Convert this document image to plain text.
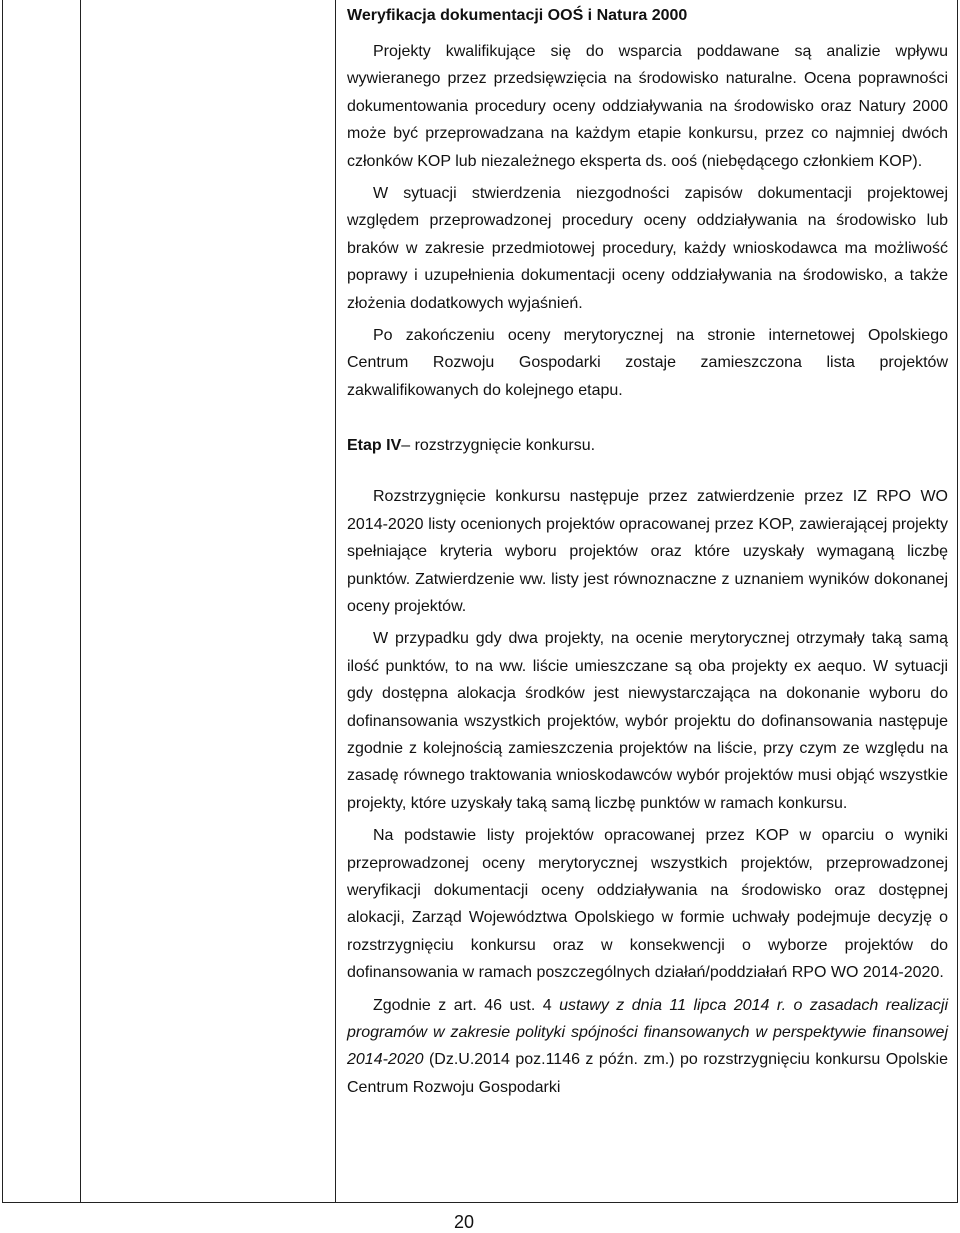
Weryfikacja dokumentacji OOŚ i Natura 2000

Projekty kwalifikujące się do wsparcia poddawane są analizie wpływu wywieranego przez przedsięwzięcia na środowisko naturalne. Ocena poprawności dokumentowania procedury oceny oddziaływania na środowisko oraz Natury 2000 może być przeprowadzana na każdym etapie konkursu, przez co najmniej dwóch członków KOP lub niezależnego eksperta ds. ooś (niebędącego członkiem KOP).

W sytuacji stwierdzenia niezgodności zapisów dokumentacji projektowej względem przeprowadzonej procedury oceny oddziaływania na środowisko lub braków w zakresie przedmiotowej procedury, każdy wnioskodawca ma możliwość poprawy i uzupełnienia dokumentacji oceny oddziaływania na środowisko, a także złożenia dodatkowych wyjaśnień.

Po zakończeniu oceny merytorycznej na stronie internetowej Opolskiego Centrum Rozwoju Gospodarki zostaje zamieszczona lista projektów zakwalifikowanych do kolejnego etapu.

Etap IV– rozstrzygnięcie konkursu.

Rozstrzygnięcie konkursu następuje przez zatwierdzenie przez IZ RPO WO 2014-2020 listy ocenionych projektów opracowanej przez KOP, zawierającej projekty spełniające kryteria wyboru projektów oraz które uzyskały wymaganą liczbę punktów. Zatwierdzenie ww. listy jest równoznaczne z uznaniem wyników dokonanej oceny projektów.

W przypadku gdy dwa projekty, na ocenie merytorycznej otrzymały taką samą ilość punktów, to na ww. liście umieszczane są oba projekty ex aequo. W sytuacji gdy dostępna alokacja środków jest niewystarczająca na dokonanie wyboru do dofinansowania wszystkich projektów, wybór projektu do dofinansowania następuje zgodnie z kolejnością zamieszczenia projektów na liście, przy czym ze względu na zasadę równego traktowania wnioskodawców wybór projektów musi objąć wszystkie projekty, które uzyskały taką samą liczbę punktów w ramach konkursu.

Na podstawie listy projektów opracowanej przez KOP w oparciu o wyniki przeprowadzonej oceny merytorycznej wszystkich projektów, przeprowadzonej weryfikacji dokumentacji oceny oddziaływania na środowisko oraz dostępnej alokacji, Zarząd Województwa Opolskiego w formie uchwały podejmuje decyzję o rozstrzygnięciu konkursu oraz w konsekwencji o wyborze projektów do dofinansowania w ramach poszczególnych działań/poddziałań RPO WO 2014-2020.

Zgodnie z art. 46 ust. 4 ustawy z dnia 11 lipca 2014 r. o zasadach realizacji programów w zakresie polityki spójności finansowanych w perspektywie finansowej 2014-2020 (Dz.U.2014 poz.1146 z późn. zm.) po rozstrzygnięciu konkursu Opolskie Centrum Rozwoju Gospodarki

20
